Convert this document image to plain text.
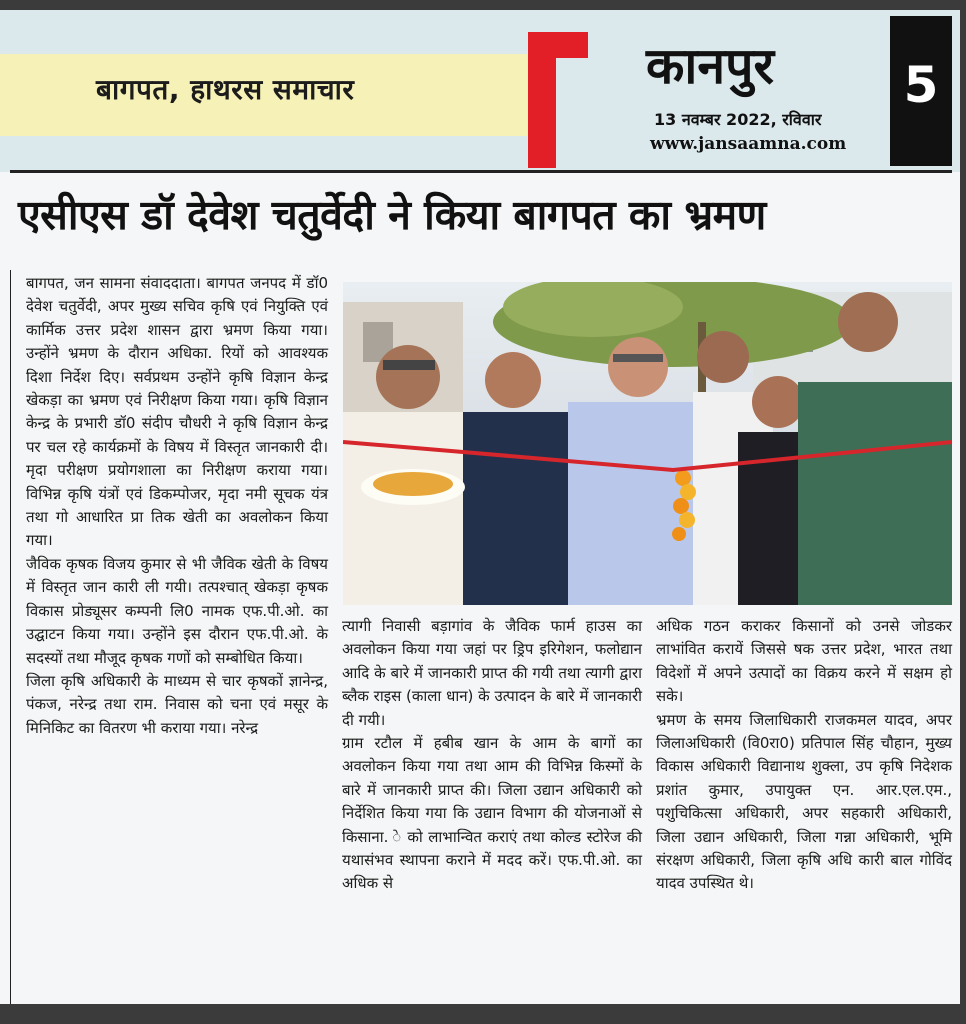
बागपत, हाथरस समाचार	कानपुर
13 नवम्बर 2022, रविवार
www.jansaamna.com
5
एसीएस डॉ देवेश चतुर्वेदी ने किया बागपत का भ्रमण

बागपत, जन सामना संवाददाता। बागपत जनपद में डॉ0 देवेश चतुर्वेदी, अपर मुख्य सचिव कृषि एवं नियुक्ति एवं कार्मिक उत्तर प्रदेश शासन द्वारा भ्रमण किया गया। उन्होंने भ्रमण के दौरान अधिका. रियों को आवश्यक दिशा निर्देश दिए। सर्वप्रथम उन्होंने कृषि विज्ञान केन्द्र खेकड़ा का भ्रमण एवं निरीक्षण किया गया। कृषि विज्ञान केन्द्र के प्रभारी डॉ0 संदीप चौधरी ने कृषि विज्ञान केन्द्र पर चल रहे कार्यक्रमों के विषय में विस्तृत जानकारी दी। मृदा परीक्षण प्रयोगशाला का निरीक्षण कराया गया। विभिन्न कृषि यंत्रों एवं डिकम्पोजर, मृदा नमी सूचक यंत्र तथा गो आधारित प्रा तिक खेती का अवलोकन किया गया।

जैविक कृषक विजय कुमार से भी जैविक खेती के विषय में विस्तृत जान कारी ली गयी। तत्पश्चात् खेकड़ा कृषक विकास प्रोड्यूसर कम्पनी लि0 नामक एफ.पी.ओ. का उद्घाटन किया गया। उन्होंने इस दौरान एफ.पी.ओ. के सदस्यों तथा मौजूद कृषक गणों को सम्बोधित किया।

जिला कृषि अधिकारी के माध्यम से चार कृषकों ज्ञानेन्द्र, पंकज, नरेन्द्र तथा राम. निवास को चना एवं मसूर के मिनिकिट का वितरण भी कराया गया। नरेन्द्र

त्यागी निवासी बड़ागांव के जैविक फार्म हाउस का अवलोकन किया गया जहां पर ड्रिप इरिगेशन, फलोद्यान आदि के बारे में जानकारी प्राप्त की गयी तथा त्यागी द्वारा ब्लैक राइस (काला धान) के उत्पादन के बारे में जानकारी दी गयी।

ग्राम रटौल में हबीब खान के आम के बागों का अवलोकन किया गया तथा आम की विभिन्न किस्मों के बारे में जानकारी प्राप्त की। जिला उद्यान अधिकारी को निर्देशित किया गया कि उद्यान विभाग की योजनाओं से किसाना. े को लाभान्वित कराएं तथा कोल्ड स्टोरेज की यथासंभव स्थापना कराने में मदद करें। एफ.पी.ओ. का अधिक से

अधिक गठन कराकर किसानों को उनसे जोडकर लाभांवित करायें जिससे षक उत्तर प्रदेश, भारत तथा विदेशों में अपने उत्पादों का विक्रय करने में सक्षम हो सके।

भ्रमण के समय जिलाधिकारी राजकमल यादव, अपर जिलाअधिकारी (वि0रा0) प्रतिपाल सिंह चौहान, मुख्य विकास अधिकारी विद्यानाथ शुक्ला, उप कृषि निदेशक प्रशांत कुमार, उपायुक्त एन. आर.एल.एम., पशुचिकित्सा अधिकारी, अपर सहकारी अधिकारी, जिला उद्यान अधिकारी, जिला गन्ना अधिकारी, भूमि संरक्षण अधिकारी, जिला कृषि अधि कारी बाल गोविंद यादव उपस्थित थे।
